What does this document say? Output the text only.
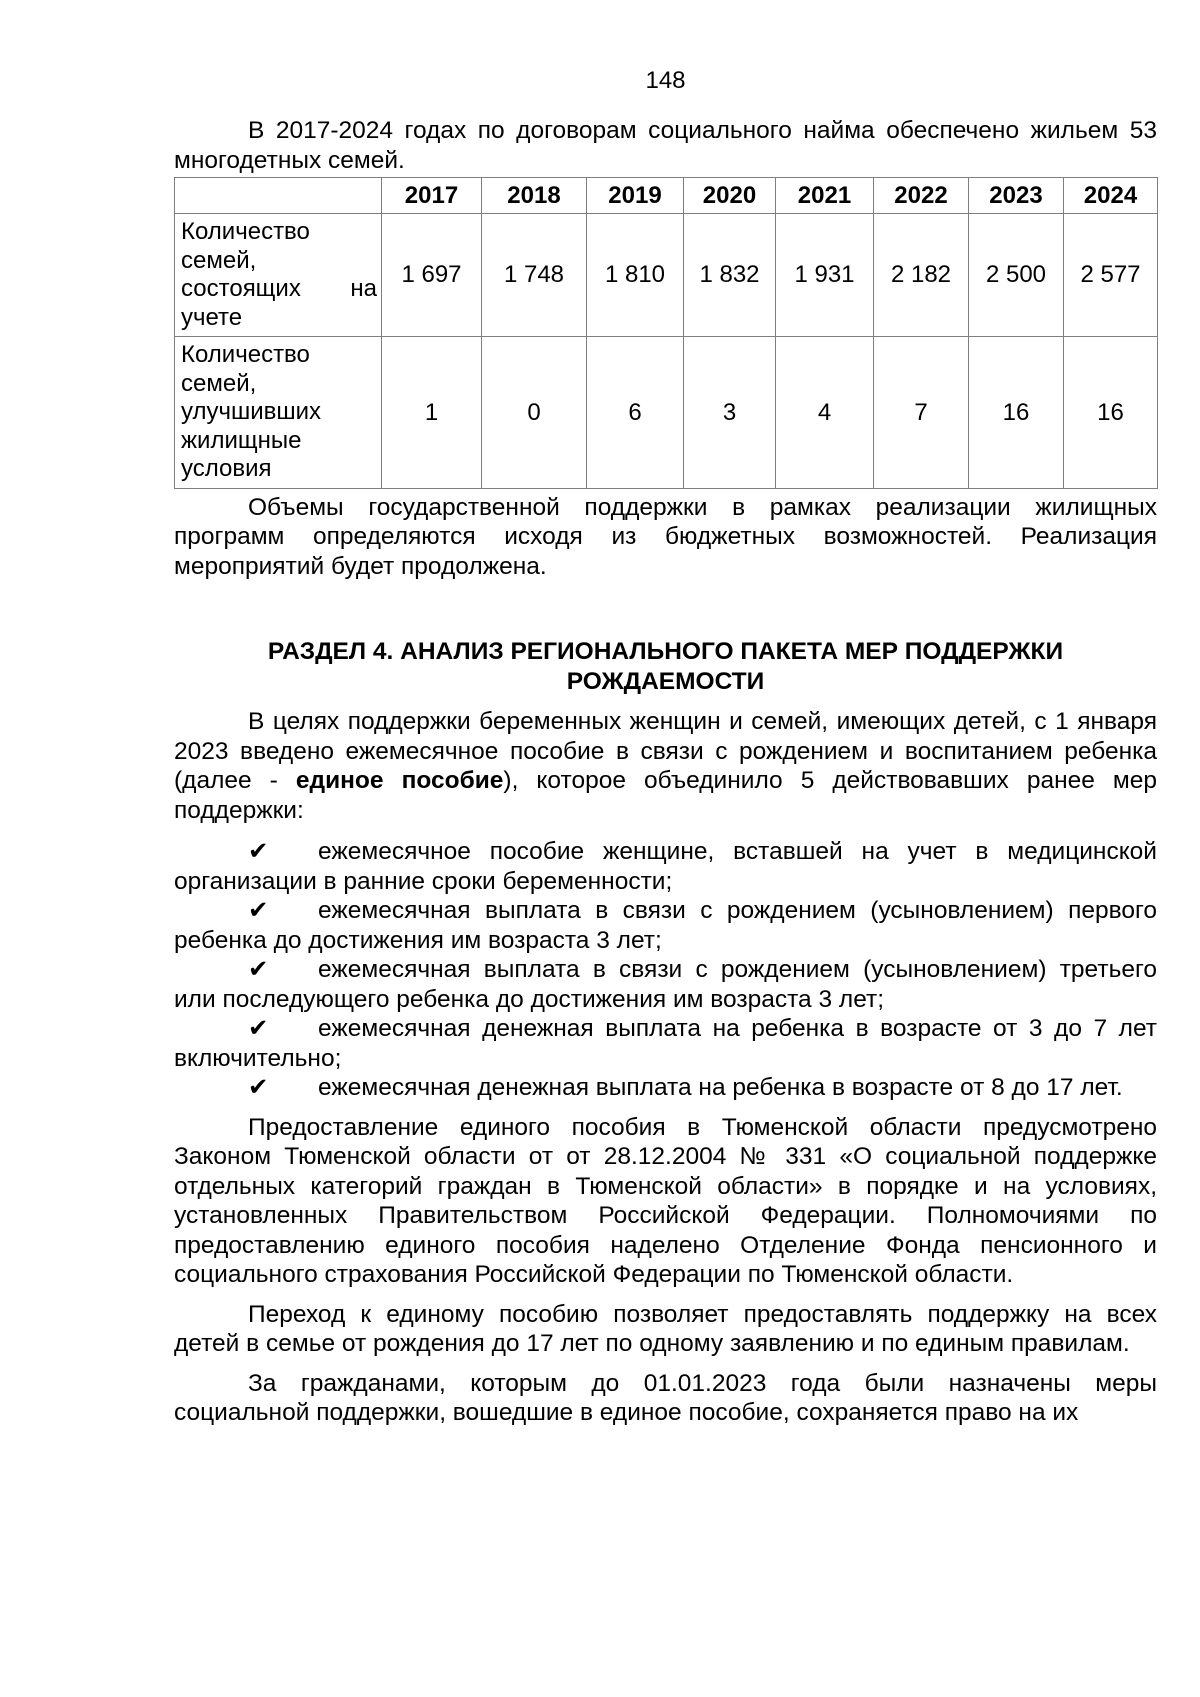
148

В 2017-2024 годах по договорам социального найма обеспечено жильем 53 многодетных семей.

	2017	2018	2019	2020	2021	2022	2023	2024
Количество семей, состоящих на учете	1 697	1 748	1 810	1 832	1 931	2 182	2 500	2 577
Количество семей, улучшивших жилищные условия	1	0	6	3	4	7	16	16

Объемы государственной поддержки в рамках реализации жилищных программ определяются исходя из бюджетных возможностей. Реализация мероприятий будет продолжена.

РАЗДЕЛ 4. АНАЛИЗ РЕГИОНАЛЬНОГО ПАКЕТА МЕР ПОДДЕРЖКИ РОЖДАЕМОСТИ

В целях поддержки беременных женщин и семей, имеющих детей, с 1 января 2023 введено ежемесячное пособие в связи с рождением и воспитанием ребенка (далее - единое пособие), которое объединило 5 действовавших ранее мер поддержки:

✔ ежемесячное пособие женщине, вставшей на учет в медицинской организации в ранние сроки беременности;

✔ ежемесячная выплата в связи с рождением (усыновлением) первого ребенка до достижения им возраста 3 лет;

✔ ежемесячная выплата в связи с рождением (усыновлением) третьего или последующего ребенка до достижения им возраста 3 лет;

✔ ежемесячная денежная выплата на ребенка в возрасте от 3 до 7 лет включительно;

✔ ежемесячная денежная выплата на ребенка в возрасте от 8 до 17 лет.

Предоставление единого пособия в Тюменской области предусмотрено Законом Тюменской области от от 28.12.2004 № 331 «О социальной поддержке отдельных категорий граждан в Тюменской области» в порядке и на условиях, установленных Правительством Российской Федерации. Полномочиями по предоставлению единого пособия наделено Отделение Фонда пенсионного и социального страхования Российской Федерации по Тюменской области.

Переход к единому пособию позволяет предоставлять поддержку на всех детей в семье от рождения до 17 лет по одному заявлению и по единым правилам.

За гражданами, которым до 01.01.2023 года были назначены меры социальной поддержки, вошедшие в единое пособие, сохраняется право на их
